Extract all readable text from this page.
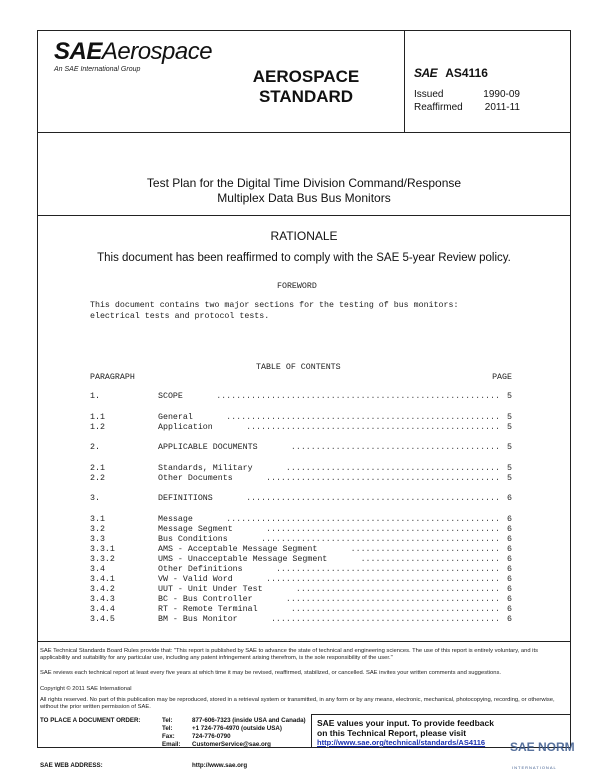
SAEAerospace
An SAE International Group	AEROSPACE
STANDARD
SAE AS4116
Issued	1990-09
Reaffirmed 2011-11
Test Plan for the Digital Time Division Command/Response
Multiplex Data Bus Bus Monitors
RATIONALE
This document has been reaffirmed to comply with the SAE 5-year Review policy.
FOREWORD
This document contains two major sections for the testing of bus monitors:
electrical tests and protocol tests.
TABLE OF CONTENTS
PARAGRAPH	PAGE
1.	SCOPE	......................................................... 5
1.1	General	....................................................... 5
1.2	Application	................................................... 5
2.	APPLICABLE DOCUMENTS	.......................................... 5
2.1	Standards, Military	........................................... 5
2.2	Other Documents	............................................... 5
3.	DEFINITIONS	................................................... 6
3.1	Message	....................................................... 6
3.2	Message Segment	............................................... 6
3.3	Bus Conditions	................................................ 6
3.3.1	AMS - Acceptable Message Segment	.............................. 6
3.3.2	UMS - Unacceptable Message Segment	............................ 6
3.4	Other Definitions	............................................. 6
3.4.1	VW - Valid Word	............................................... 6
3.4.2	UUT - Unit Under Test	......................................... 6
3.4.3	BC - Bus Controller	........................................... 6
3.4.4	RT - Remote Terminal	.......................................... 6
3.4.5	BM - Bus Monitor	.............................................. 6
SAE Technical Standards Board Rules provide that: "This report is published by SAE to advance the state of technical and engineering sciences. The use of this report is entirely voluntary, and its applicability and suitability for any particular use, including any patent infringement arising therefrom, is the sole responsibility of the user."
SAE reviews each technical report at least every five years at which time it may be revised, reaffirmed, stabilized, or cancelled. SAE invites your written comments and suggestions.
Copyright © 2011 SAE International
All rights reserved. No part of this publication may be reproduced, stored in a retrieval system or transmitted, in any form or by any means, electronic, mechanical, photocopying, recording, or otherwise, without the prior written permission of SAE.
TO PLACE A DOCUMENT ORDER:	Tel:	877-606-7323 (inside USA and Canada)
Tel:	+1 724-776-4970 (outside USA)
Fax:	724-776-0790
Email: CustomerService@sae.org
SAE WEB ADDRESS:	http://www.sae.org
SAE values your input. To provide feedback
on this Technical Report, please visit
http://www.sae.org/technical/standards/AS4116	SAE NORM
INTERNATIONAL
